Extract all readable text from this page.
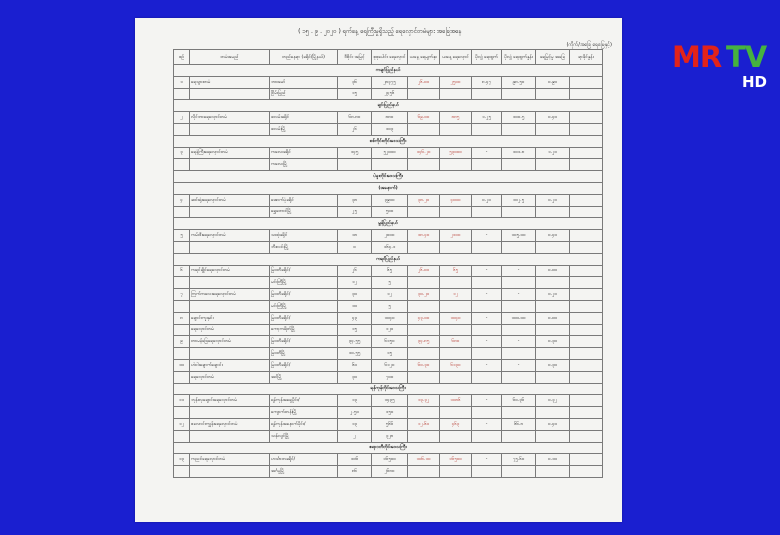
( ၁၅ . ၉ . ၂၀၂၀ ) ရက်နေ့ ရေကြီးမှုရှိသည့် ရေလှောင်တမံများ အခြေအနေ
(ကိုက်/အခြေ ရေမြေနှင့်)
စဉ်	တမံအမည်	တည်နေရာ (ခရိုင်/မြို့နယ်)	ဒီဇိုင်း အမြင့်	စုစုပေါင်း ရေလှောင်	ယနေ့ ရေမျက်နှာ	ယနေ့ ရေလှောင်	ပိုလျှံ ရေထွက်	ပိုလျှံ ရေထွက်နှုန်း	ရေမြင့်မှု အခြေ	ရာခိုင်နှုန်း
ကချင်ပြည်နယ်										
၁	ရေသွားတမံ	ဘားမော်	၃၆	၂၈၃၇၅	၂၆.၀၀	၂၅၀၀	၈.၄၇	၉၈.၅၀	၀.၉၀	
		ငြိမ်းပြည်	၁၅	၂၄၅၆						
ချင်းပြည်နယ်										
၂	လိုင်ဘာရေလှောင်တမံ	ဖလမ်းခရိုင်	၆၈.၈၀	၈၈၀	၆၉.၀၀	၈၈၅	၁.၂၅	၁၀၀.၅	၀.၄၀	
		ဖလမ်းမြို့	၂၆	၁၀၃						
စစ်ကိုင်းတိုင်းဒေသကြီး										
၃	ရေနံကြီးရေလှောင်တမံ	ကလေးခရိုင်	၁၄၅	၅၂၀၀၀	၁၄၆.၂၀	၅၃၀၀၀	-	၁၀၁.၈	၁.၂၀	
		ကလေးမြို့								
ပဲခူးတိုင်းဒေသကြီး										
(အနောက်)										
၄	ဆင်းရုံးရေလှောင်တမံ	အောက်ပုံခရိုင်	၃၈	၃၉၀၀	၃၈.၂၀	၄၀၀၀	၀.၂၀	၁၀၂.၅	၀.၂၀	
		ရွှေတောင်မြို့	၂၅	၅၀၀						
မွန်ပြည်နယ်										
၅	ကမ်းဒီးရေလှောင်တမံ	သထုံခရိုင်	၁၈	၂၀၀၀	၁၈.၄၀	၂၁၀၀	-	၁၀၅.၀၀	၀.၄၀	
		ဘီးလင်းမြို့	၀	၁၆၄.၁						
ကရင်ပြည်နယ်										
၆	ကရင်ချိုင်ရေလှောင်တမံ	မြဝတီခရိုင်/	၂၆	၆၅	၂၆.၀၀	၆၅	-	-	၀.၀၀	
		မင်းတြီမြို့	၁၂	၅						
၇	ကြက်ကလေးရေလှောင်တမံ	မြဝတီခရိုင်/	၃၀	၁၂	၃၀.၂၀	၁၂	-	-	၀.၂၀	
		မင်းတြီမြို့	၁၀	၅						
၈	ချောင်းကူးနှင်း	မြဝတီခရိုင်/	၄၃	၁၀၄၀	၄၃.၀၀	၁၀၄၀	-	၁၀၀.၀၀	၀.၀၀	
	ရေလှောင်တမံ	ကော့ကရိတ်မြို့	၁၅	၁၂၀						
၉	တာမန်ဖြေရေလှောင်တမံ	မြဝတီခရိုင်/	၃၄.၅၅	၆၁၅၀	၃၄.၈၅	၆၈၀	-	-	၀.၃၀	
		မြဝတီမြို့	၁၀.၅၅	၁၅						
၁၀	ဟဲငါးချောက်ချောင်း	မြဝတီခရိုင်/	၆၀	၆၁၂၀	၆၀.၃၀	၆၁၃၀	-	-	၀.၃၀	
	ရေလှောင်တမံ	အင်မြို့	၃၀	၇၀၀						
ရန်ကုန်တိုင်းဒေသကြီး										
၁၁	ဘုန်းလှချောင်းရေလှောင်တမံ	ရန်ကုန်အရှေ့ပိုင်း/	၁၃	၁၄၃၅	၁၃.၃၂	၁၀၈၆	-	၆၀.၃၆	၀.၃၂	
		ကျောက်တန်းမြို့	၂.၅၀	၁၅၀						
၁၂	ဇလောင်းကျွန်းရေလှောင်တမံ	ရန်ကုန်အနောက်ပိုင်း/	၁၃	၅၆၆	၁၂.၆၀	၄၆၃	-	၆၆.၈	၀.၄၀	
		သန်လျင်မြို့	၂	၃၂၈						
ဧရာဝတီတိုင်းဒေသကြီး										
၁၃	ကညင်ရေလှောင်တမံ	ဟင်္သာတခရိုင်/	၁၀၆	၁၆၅၀၀	၁၀၆.၁၀	၁၆၅၀၀	-	၇၅.၆၀	၀.၁၀	
		အင်္ဂပူမြို့	၈၆	၂၆၈၀						
MR TV
HD
